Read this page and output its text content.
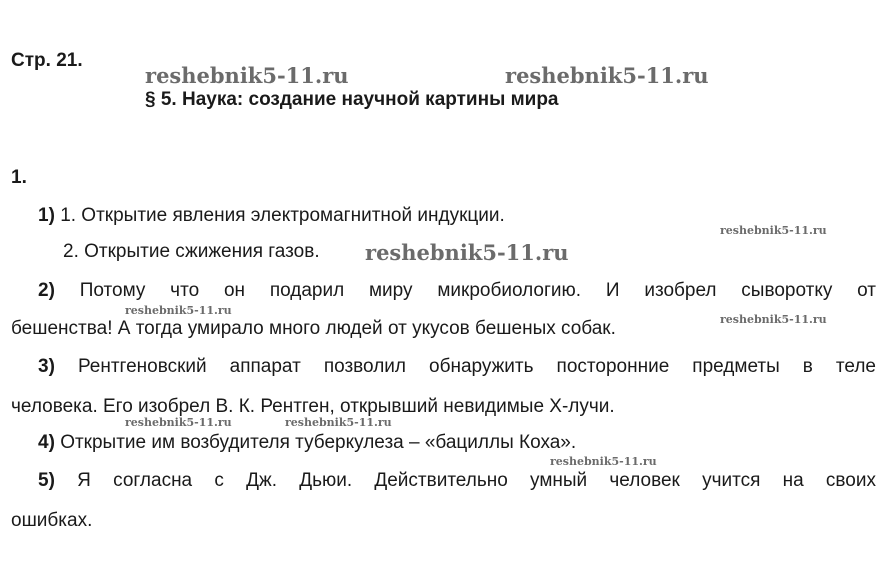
Стр. 21.
§ 5. Наука: создание научной картины мира
1.
1) 1. Открытие явления электромагнитной индукции.
2. Открытие сжижения газов.
2) Потому что он подарил миру микробиологию. И изобрел сыворотку от
бешенства! А тогда умирало много людей от укусов бешеных собак.
3) Рентгеновский аппарат позволил обнаружить посторонние предметы в теле
человека. Его изобрел В. К. Рентген, открывший невидимые Х-лучи.
4) Открытие им возбудителя туберкулеза – «бациллы Коха».
5) Я согласна с Дж. Дьюи. Действительно умный человек учится на своих
ошибках.
reshebnik5-11.ru	reshebnik5-11.ru
reshebnik5-11.ru
reshebnik5-11.ru
reshebnik5-11.ru
reshebnik5-11.ru
reshebnik5-11.ru	reshebnik5-11.ru
reshebnik5-11.ru
